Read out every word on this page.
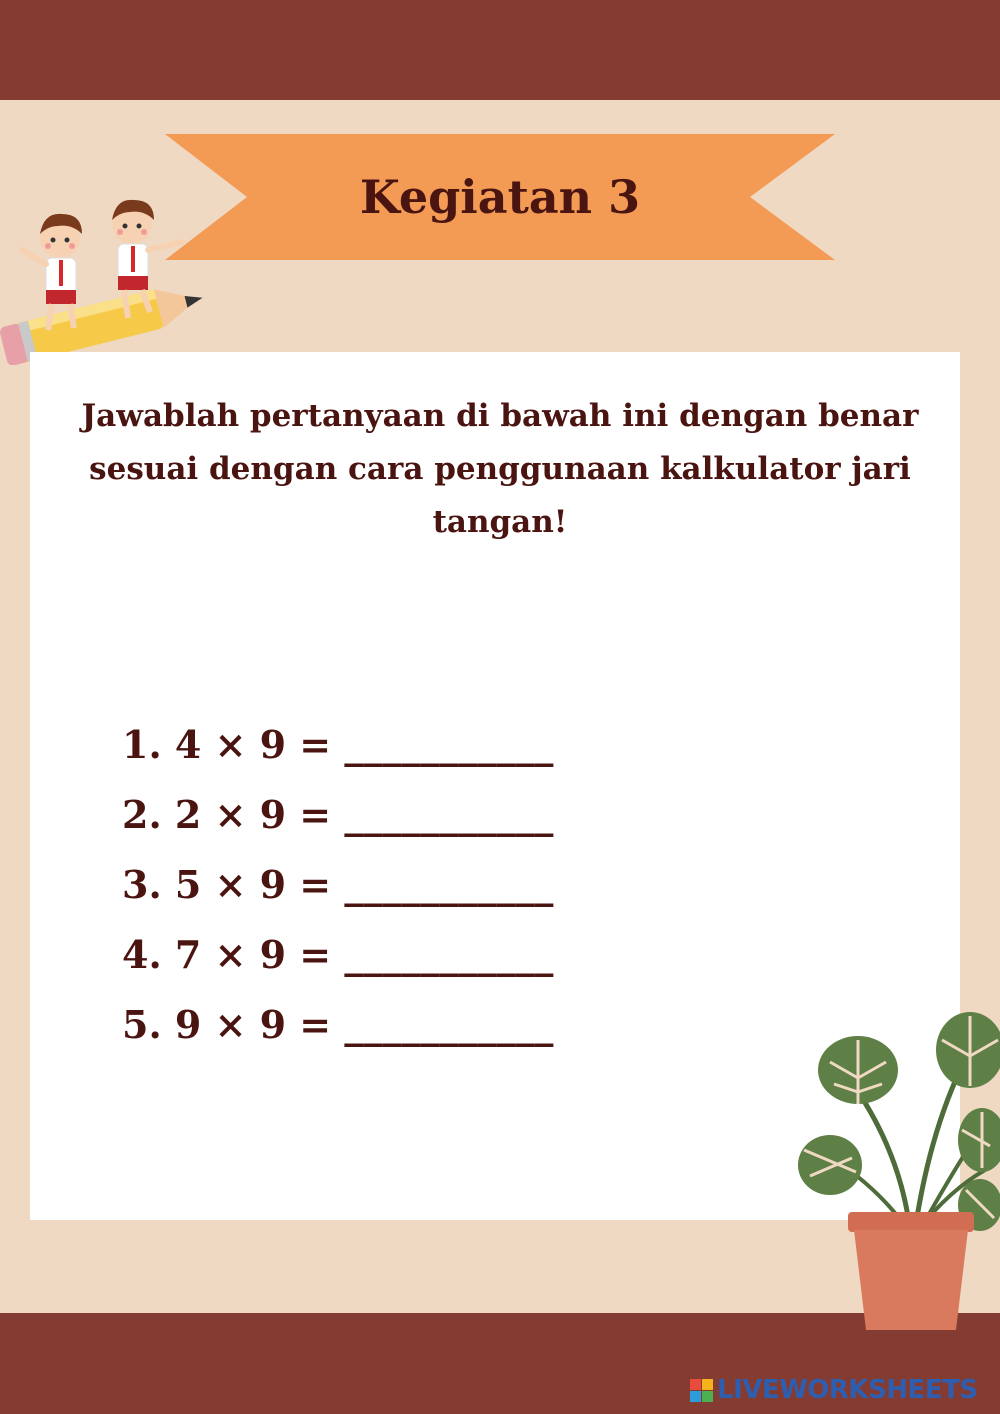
Kegiatan 3
Jawablah pertanyaan di bawah ini dengan benar
sesuai dengan cara penggunaan kalkulator jari
tangan!
1. 4 × 9 = ___________
2. 2 × 9 = ___________
3. 5 × 9 = ___________
4. 7 × 9 = ___________
5. 9 × 9 = ___________
LIVEWORKSHEETS
